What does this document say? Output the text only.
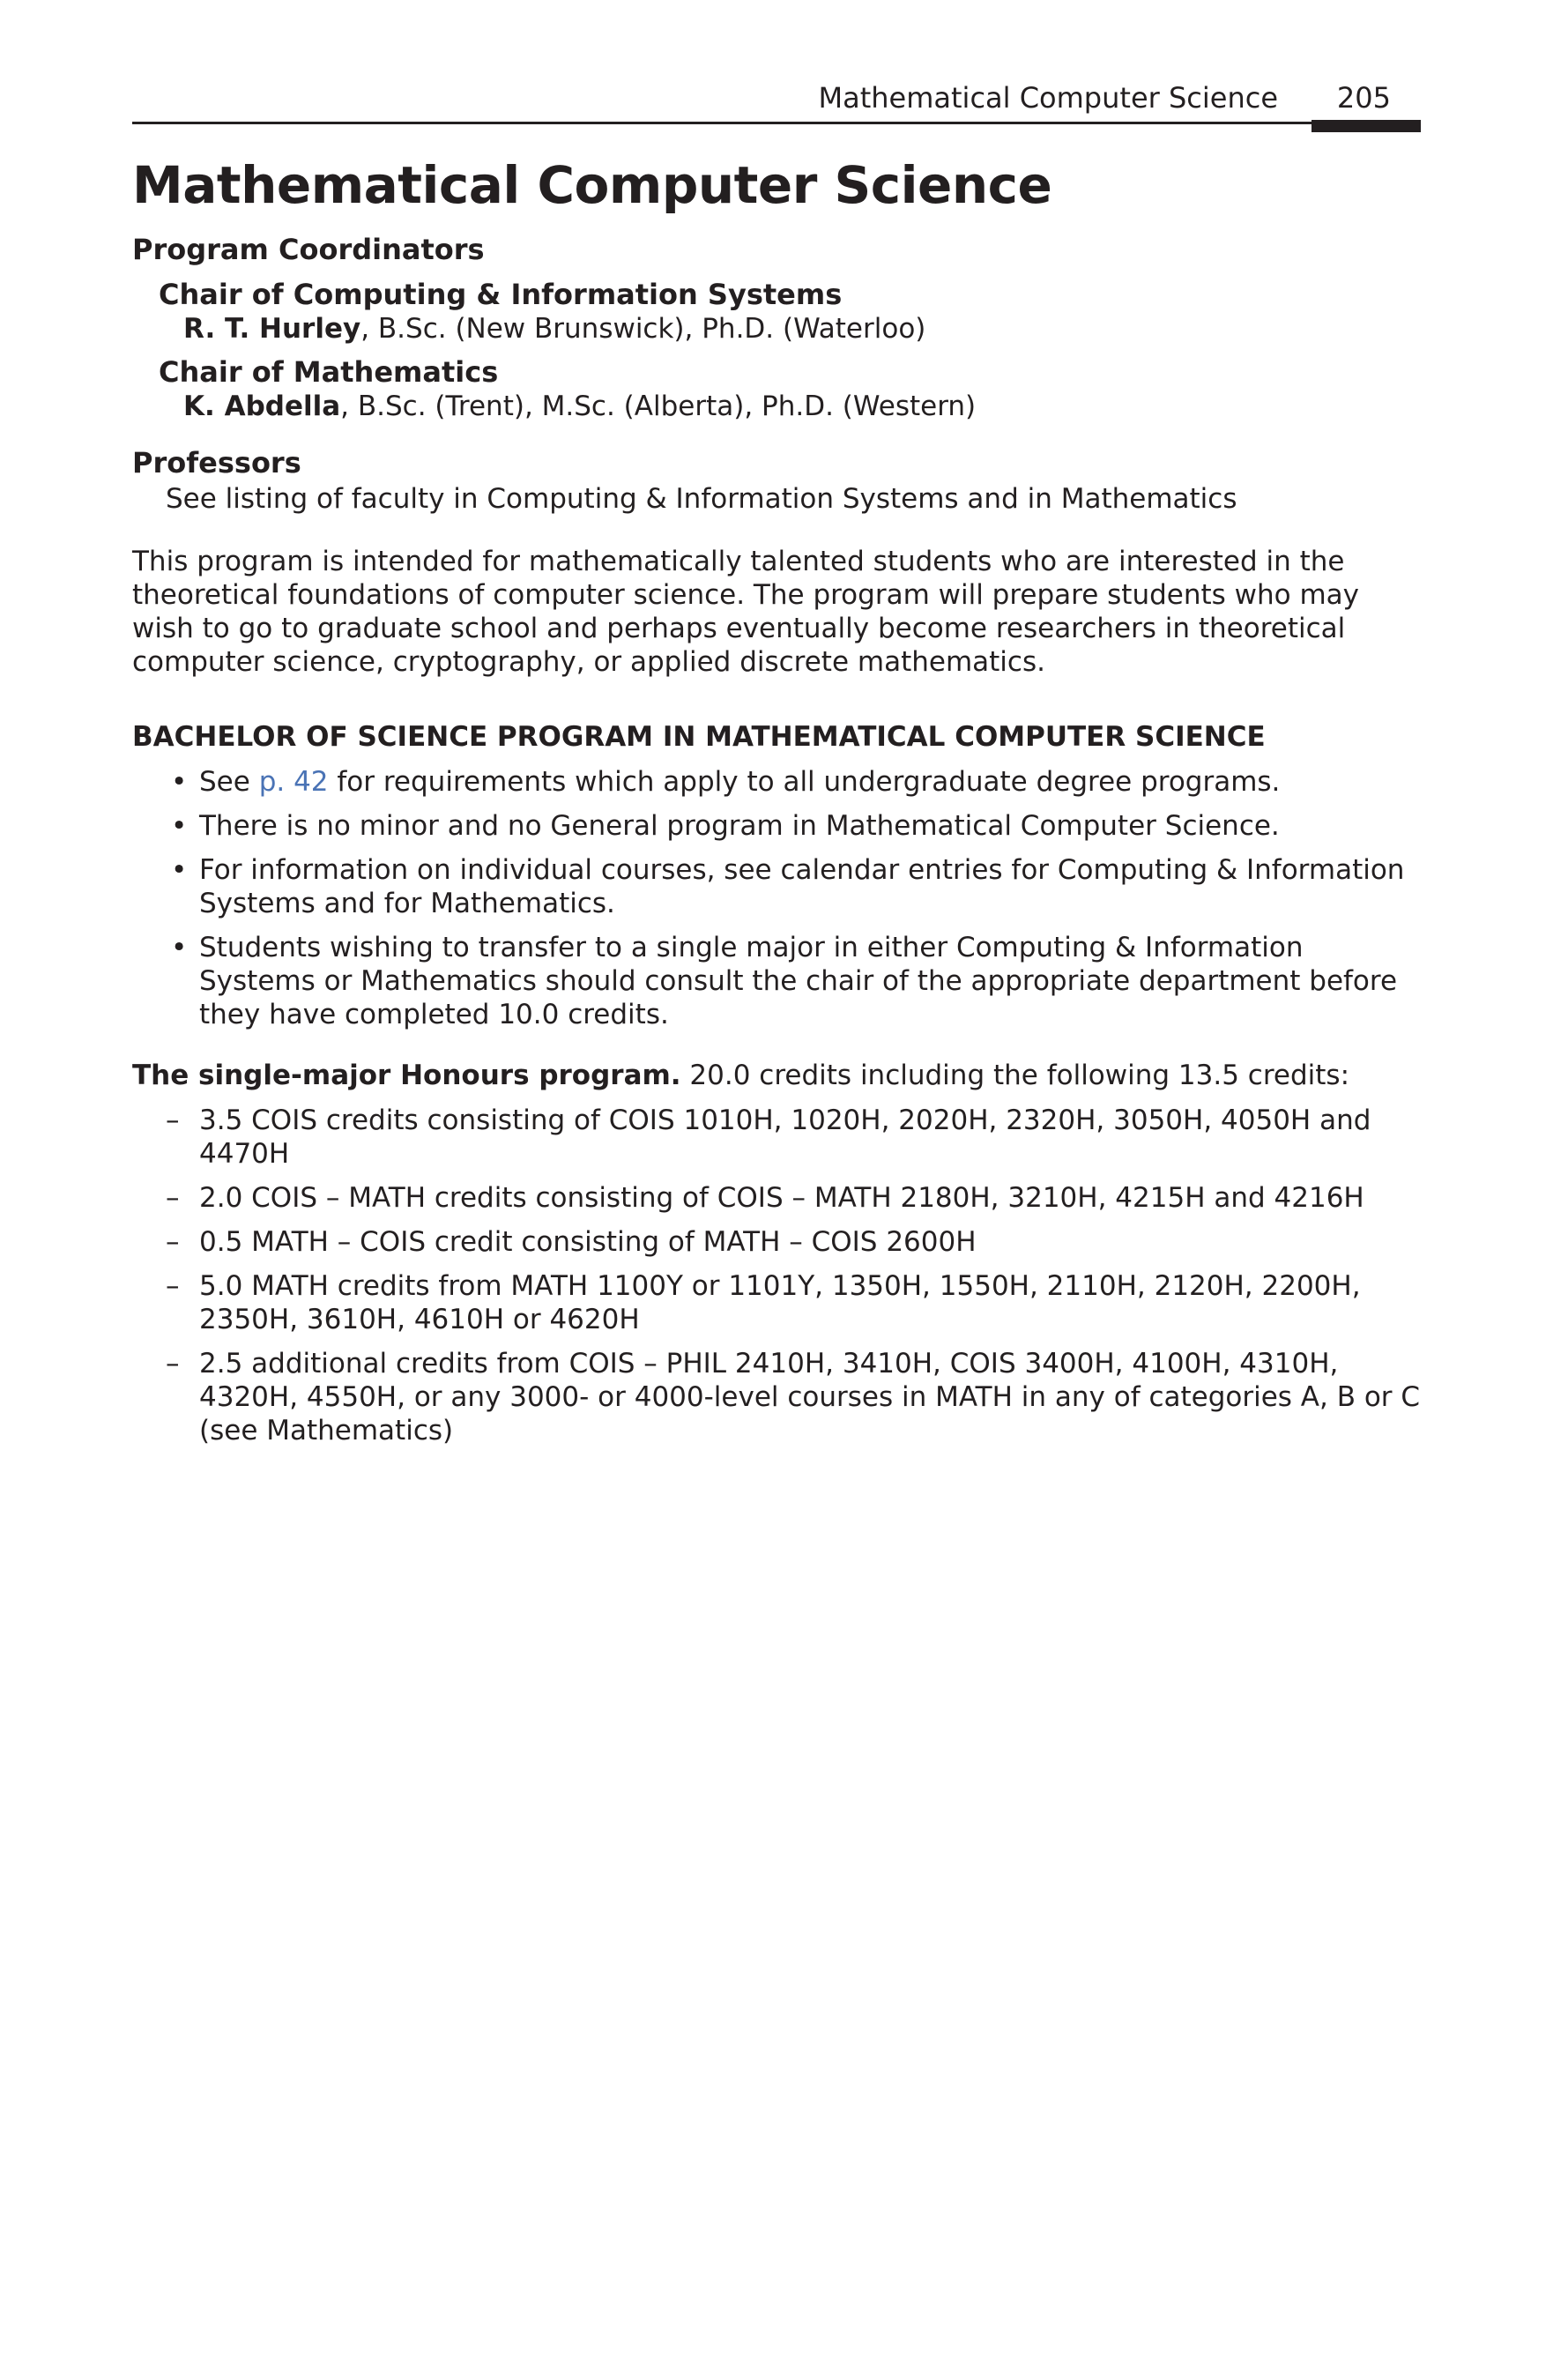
Mathematical Computer Science 205
Mathematical Computer Science
Program Coordinators
Chair of Computing & Information Systems
R. T. Hurley, B.Sc. (New Brunswick), Ph.D. (Waterloo)
Chair of Mathematics
K. Abdella, B.Sc. (Trent), M.Sc. (Alberta), Ph.D. (Western)
Professors
See listing of faculty in Computing & Information Systems and in Mathematics

This program is intended for mathematically talented students who are interested in the theoretical foundations of computer science. The program will prepare students who may wish to go to graduate school and perhaps eventually become researchers in theoretical computer science, cryptography, or applied discrete mathematics.

BACHELOR OF SCIENCE PROGRAM IN MATHEMATICAL COMPUTER SCIENCE
• See p. 42 for requirements which apply to all undergraduate degree programs.
• There is no minor and no General program in Mathematical Computer Science.
• For information on individual courses, see calendar entries for Computing & Information Systems and for Mathematics.
• Students wishing to transfer to a single major in either Computing & Information Systems or Mathematics should consult the chair of the appropriate department before they have completed 10.0 credits.
The single-major Honours program. 20.0 credits including the following 13.5 credits:
– 3.5 COIS credits consisting of COIS 1010H, 1020H, 2020H, 2320H, 3050H, 4050H and 4470H
– 2.0 COIS – MATH credits consisting of COIS – MATH 2180H, 3210H, 4215H and 4216H
– 0.5 MATH – COIS credit consisting of MATH – COIS 2600H
– 5.0 MATH credits from MATH 1100Y or 1101Y, 1350H, 1550H, 2110H, 2120H, 2200H, 2350H, 3610H, 4610H or 4620H
– 2.5 additional credits from COIS – PHIL 2410H, 3410H, COIS 3400H, 4100H, 4310H, 4320H, 4550H, or any 3000- or 4000-level courses in MATH in any of categories A, B or C (see Mathematics)
